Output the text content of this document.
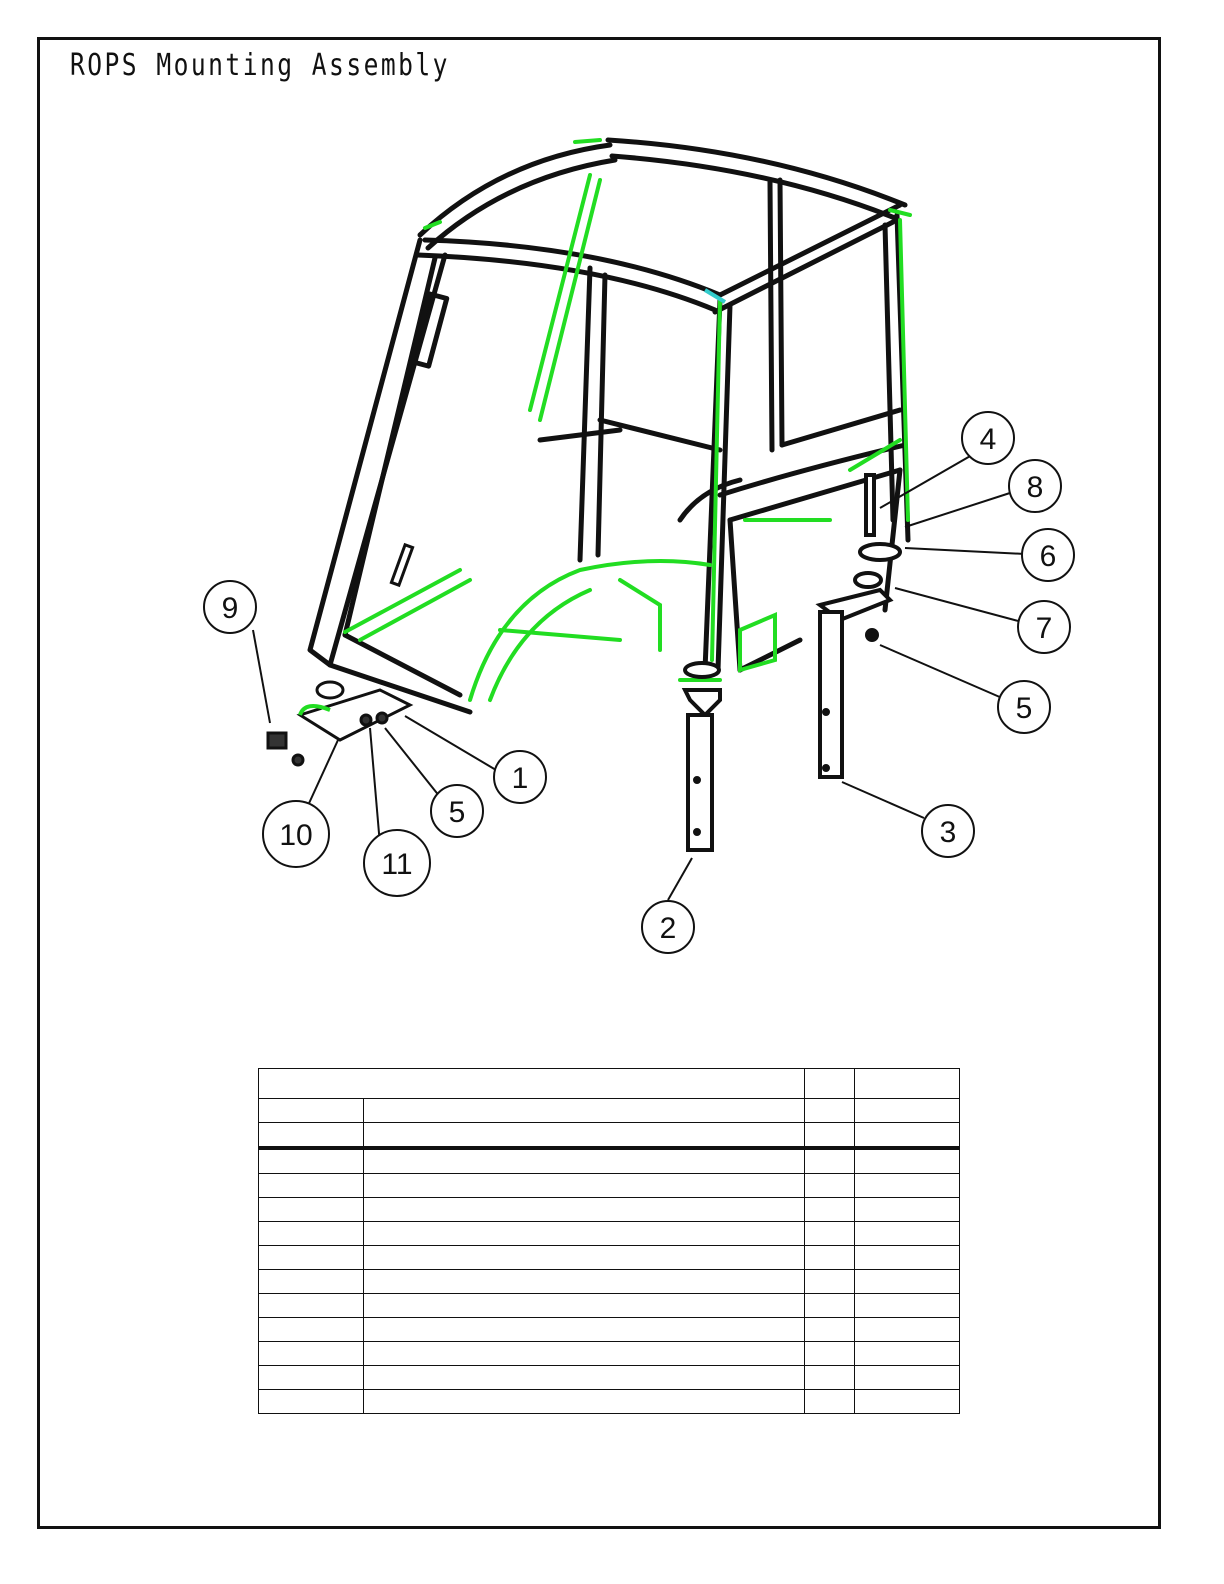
ROPS Mounting Assembly
1
2
3
4
5
5
6
7
8
9
10
11
